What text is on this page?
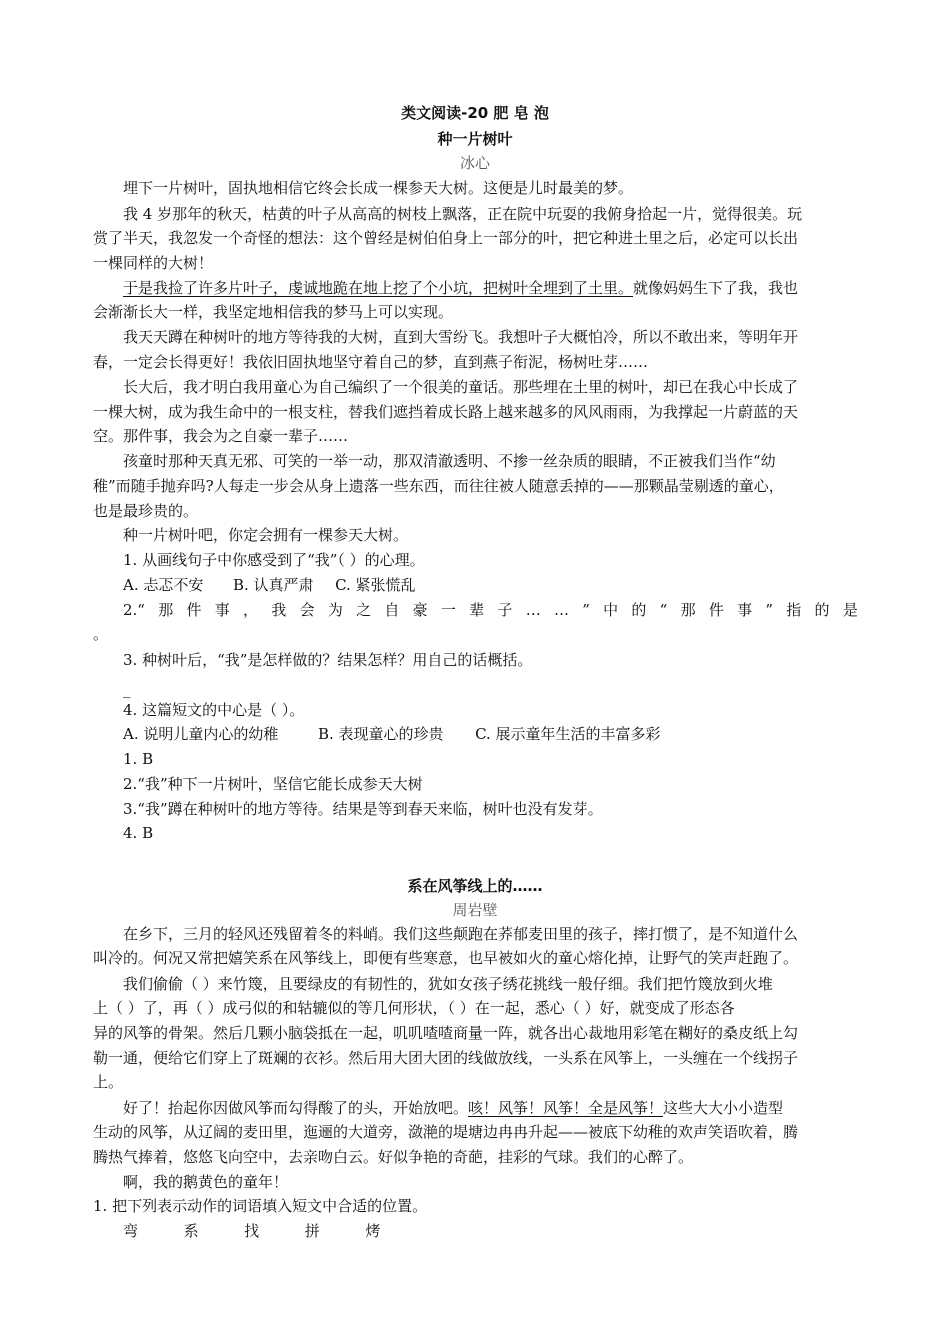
类文阅读-20 肥 皂 泡
种一片树叶
冰心
埋下一片树叶，固执地相信它终会长成一棵参天大树。这便是儿时最美的梦。
我 4 岁那年的秋天，枯黄的叶子从高高的树枝上飘落，正在院中玩耍的我俯身拾起一片，觉得很美。玩
赏了半天，我忽发一个奇怪的想法：这个曾经是树伯伯身上一部分的叶，把它种进土里之后，必定可以长出
一棵同样的大树！
于是我捡了许多片叶子，虔诚地跪在地上挖了个小坑，把树叶全埋到了土里。就像妈妈生下了我，我也
会渐渐长大一样，我坚定地相信我的梦马上可以实现。
我天天蹲在种树叶的地方等待我的大树，直到大雪纷飞。我想叶子大概怕冷，所以不敢出来，等明年开
春，一定会长得更好！我依旧固执地坚守着自己的梦，直到燕子衔泥，杨树吐芽……
长大后，我才明白我用童心为自己编织了一个很美的童话。那些埋在土里的树叶，却已在我心中长成了
一棵大树，成为我生命中的一根支柱，替我们遮挡着成长路上越来越多的风风雨雨，为我撑起一片蔚蓝的天
空。那件事，我会为之自豪一辈子……
孩童时那种天真无邪、可笑的一举一动，那双清澈透明、不掺一丝杂质的眼睛，不正被我们当作“幼
稚”而随手抛弃吗?人每走一步会从身上遗落一些东西，而往往被人随意丢掉的——那颗晶莹剔透的童心，
也是最珍贵的。
种一片树叶吧，你定会拥有一棵参天大树。
1. 从画线句子中你感受到了“我”（ ）的心理。
A. 忐忑不安 B. 认真严肃 C. 紧张慌乱
2.“ 那 件 事 ， 我 会 为 之 自 豪 一 辈 子 … … ” 中 的 “ 那 件 事 ” 指 的 是
。
3. 种树叶后，“我”是怎样做的？结果怎样？用自己的话概括。
_
4. 这篇短文的中心是（ ）。
A. 说明儿童内心的幼稚	B. 表现童心的珍贵 C. 展示童年生活的丰富多彩
1. B
2.“我”种下一片树叶，坚信它能长成参天大树
3.“我”蹲在种树叶的地方等待。结果是等到春天来临，树叶也没有发芽。
4. B
系在风筝线上的……
周岩壁
在乡下，三月的轻风还残留着冬的料峭。我们这些颠跑在荞郁麦田里的孩子，摔打惯了，是不知道什么
叫冷的。何况又常把嬉笑系在风筝线上，即便有些寒意，也早被如火的童心熔化掉，让野气的笑声赶跑了。
我们偷偷（ ）来竹篾，且要绿皮的有韧性的，犹如女孩子绣花挑线一般仔细。我们把竹篾放到火堆
上（ ）了，再（ ）成弓似的和轱辘似的等几何形状，（ ）在一起，悉心（ ）好，就变成了形态各
异的风筝的骨架。然后几颗小脑袋抵在一起，叽叽喳喳商量一阵，就各出心裁地用彩笔在糊好的桑皮纸上勾
勒一通，便给它们穿上了斑斓的衣衫。然后用大团大团的线做放线，一头系在风筝上，一头缠在一个线拐子
上。
好了！抬起你因做风筝而勾得酸了的头，开始放吧。咳！风筝！风筝！全是风筝！这些大大小小造型
生动的风筝，从辽阔的麦田里，迤逦的大道旁，潋滟的堤塘边冉冉升起——被底下幼稚的欢声笑语吹着，腾
腾热气捧着，悠悠飞向空中，去亲吻白云。好似争艳的奇葩，挂彩的气球。我们的心醉了。
啊，我的鹅黄色的童年！
1. 把下列表示动作的词语填入短文中合适的位置。
弯	系	找	拼	烤
